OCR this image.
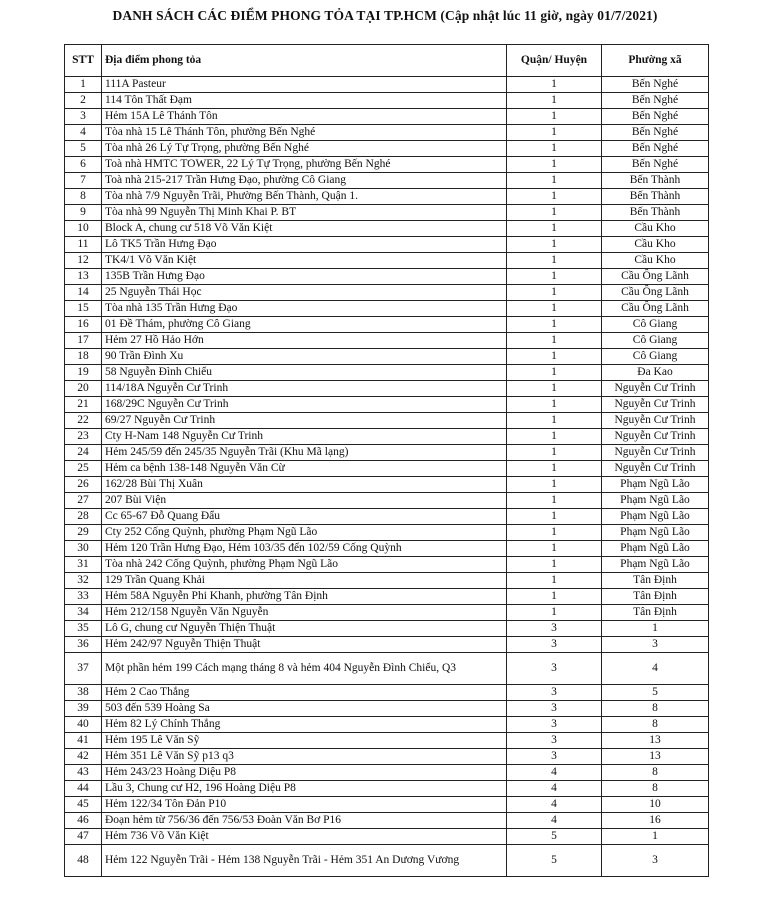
DANH SÁCH CÁC ĐIỂM PHONG TỎA TẠI TP.HCM (Cập nhật lúc 11 giờ, ngày 01/7/2021)
STT	Địa điểm phong tỏa	Quận/ Huyện	Phường xã
1	111A Pasteur	1	Bến Nghé
2	114 Tôn Thất Đạm	1	Bến Nghé
3	Hẻm 15A Lê Thánh Tôn	1	Bến Nghé
4	Tòa nhà 15 Lê Thánh Tôn, phường Bến Nghé	1	Bến Nghé
5	Tòa nhà 26 Lý Tự Trọng, phường Bến Nghé	1	Bến Nghé
6	Toà nhà HMTC TOWER, 22 Lý Tự Trọng, phường Bến Nghé	1	Bến Nghé
7	Toà nhà 215-217 Trần Hưng Đạo, phường Cô Giang	1	Bến Thành
8	Tòa nhà 7/9 Nguyễn Trãi, Phường Bến Thành, Quận 1.	1	Bến Thành
9	Tòa nhà 99 Nguyễn Thị Minh Khai P. BT	1	Bến Thành
10	Block A, chung cư 518 Võ Văn Kiệt	1	Cầu Kho
11	Lô TK5 Trần Hưng Đạo	1	Cầu Kho
12	TK4/1 Võ Văn Kiệt	1	Cầu Kho
13	135B Trần Hưng Đạo	1	Cầu Ông Lãnh
14	25 Nguyễn Thái Học	1	Cầu Ông Lãnh
15	Tòa nhà 135 Trần Hưng Đạo	1	Cầu Ông Lãnh
16	01 Đề Thám, phường Cô Giang	1	Cô Giang
17	Hẻm 27 Hồ Hảo Hớn	1	Cô Giang
18	90 Trần Đình Xu	1	Cô Giang
19	58 Nguyễn Đình Chiểu	1	Đa Kao
20	114/18A Nguyễn Cư Trinh	1	Nguyễn Cư Trinh
21	168/29C Nguyễn Cư Trinh	1	Nguyễn Cư Trinh
22	69/27 Nguyễn Cư Trinh	1	Nguyễn Cư Trinh
23	Cty H-Nam 148 Nguyễn Cư Trinh	1	Nguyễn Cư Trinh
24	Hẻm 245/59 đến 245/35 Nguyễn Trãi (Khu Mã lạng)	1	Nguyễn Cư Trinh
25	Hẻm ca bệnh 138-148 Nguyễn Văn Cừ	1	Nguyễn Cư Trinh
26	162/28 Bùi Thị Xuân	1	Phạm Ngũ Lão
27	207 Bùi Viện	1	Phạm Ngũ Lão
28	Cc 65-67 Đỗ Quang Đẩu	1	Phạm Ngũ Lão
29	Cty 252 Cống Quỳnh, phường Phạm Ngũ Lão	1	Phạm Ngũ Lão
30	Hẻm 120 Trần Hưng Đạo, Hẻm 103/35 đến 102/59 Cống Quỳnh	1	Phạm Ngũ Lão
31	Tòa nhà 242 Cống Quỳnh, phường Phạm Ngũ Lão	1	Phạm Ngũ Lão
32	129 Trần Quang Khải	1	Tân Định
33	Hẻm 58A Nguyễn Phi Khanh, phường Tân Định	1	Tân Định
34	Hẻm 212/158 Nguyễn Văn Nguyễn	1	Tân Định
35	Lô G, chung cư Nguyễn Thiện Thuật	3	1
36	Hẻm 242/97 Nguyễn Thiện Thuật	3	3
37	Một phần hẻm 199 Cách mạng tháng 8 và hẻm 404 Nguyễn Đình Chiểu, Q3	3	4
38	Hẻm 2 Cao Thắng	3	5
39	503 đến 539 Hoàng Sa	3	8
40	Hẻm 82 Lý Chính Thắng	3	8
41	Hẻm 195 Lê Văn Sỹ	3	13
42	Hẻm 351 Lê Văn Sỹ p13 q3	3	13
43	Hẻm 243/23 Hoàng Diệu P8	4	8
44	Lầu 3, Chung cư H2, 196 Hoàng Diệu P8	4	8
45	Hẻm 122/34 Tôn Đản P10	4	10
46	Đoạn hẻm từ 756/36 đến 756/53 Đoàn Văn Bơ P16	4	16
47	Hẻm 736 Võ Văn Kiệt	5	1
48	Hẻm 122 Nguyễn Trãi - Hẻm 138 Nguyễn Trãi - Hẻm 351 An Dương Vương	5	3
